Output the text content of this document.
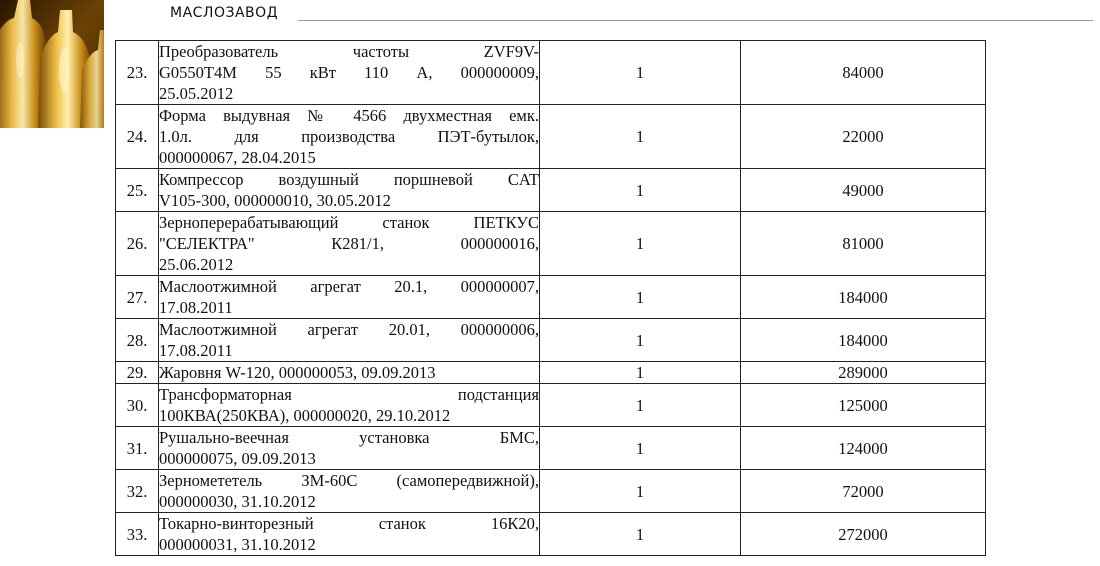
МАСЛОЗАВОД
23.	Преобразователь частоты ZVF9V-
G0550T4M 55 кВт 110 А, 000000009,
25.05.2012	1	84000
24.	Форма выдувная № 4566 двухместная емк.
1.0л. для производства ПЭТ-бутылок,
000000067, 28.04.2015	1	22000
25.	Компрессор воздушный поршневой CAT
V105-300, 000000010, 30.05.2012	1	49000
26.	Зерноперерабатывающий станок ПЕТКУС
"СЕЛЕКТРА" К281/1, 000000016,
25.06.2012	1	81000
27.	Маслоотжимной агрегат 20.1, 000000007,
17.08.2011	1	184000
28.	Маслоотжимной агрегат 20.01, 000000006,
17.08.2011	1	184000
29.	Жаровня W-120, 000000053, 09.09.2013	1	289000
30.	Трансформаторная подстанция
100КВА(250КВА), 000000020, 29.10.2012	1	125000
31.	Рушально-веечная установка БМС,
000000075, 09.09.2013	1	124000
32.	Зерномететель ЗМ-60С (самопередвижной),
000000030, 31.10.2012	1	72000
33.	Токарно-винторезный станок 16К20,
000000031, 31.10.2012	1	272000
